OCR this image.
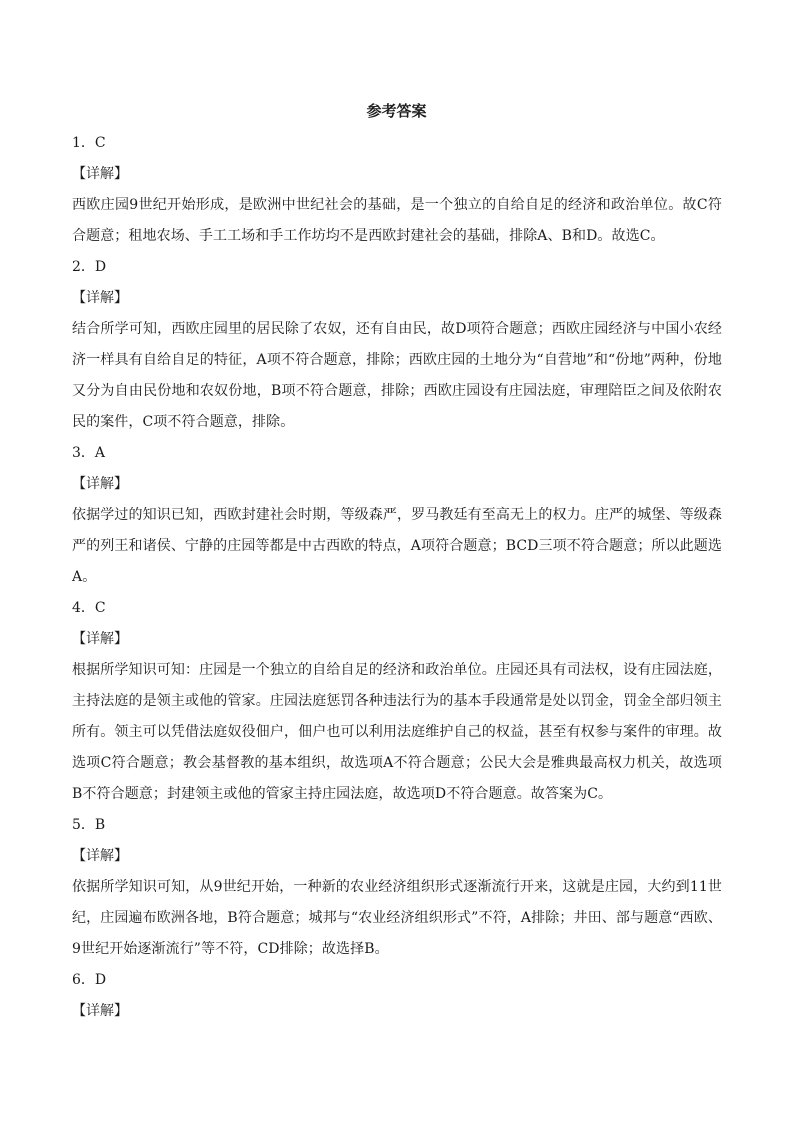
参考答案
1．C
【详解】
西欧庄园9世纪开始形成，是欧洲中世纪社会的基础，是一个独立的自给自足的经济和政治单位。故C符合题意；租地农场、手工工场和手工作坊均不是西欧封建社会的基础，排除A、B和D。故选C。
2．D
【详解】
结合所学可知，西欧庄园里的居民除了农奴，还有自由民，故D项符合题意；西欧庄园经济与中国小农经济一样具有自给自足的特征，A项不符合题意，排除；西欧庄园的土地分为“自营地”和“份地”两种，份地又分为自由民份地和农奴份地，B项不符合题意，排除；西欧庄园设有庄园法庭，审理陪臣之间及依附农民的案件，C项不符合题意，排除。
3．A
【详解】
依据学过的知识已知，西欧封建社会时期，等级森严，罗马教廷有至高无上的权力。庄严的城堡、等级森严的列王和诸侯、宁静的庄园等都是中古西欧的特点，A项符合题意；BCD三项不符合题意；所以此题选A。
4．C
【详解】
根据所学知识可知：庄园是一个独立的自给自足的经济和政治单位。庄园还具有司法权，设有庄园法庭，主持法庭的是领主或他的管家。庄园法庭惩罚各种违法行为的基本手段通常是处以罚金，罚金全部归领主所有。领主可以凭借法庭奴役佃户，佃户也可以利用法庭维护自己的权益，甚至有权参与案件的审理。故选项C符合题意；教会基督教的基本组织，故选项A不符合题意；公民大会是雅典最高权力机关，故选项B不符合题意；封建领主或他的管家主持庄园法庭，故选项D不符合题意。故答案为C。
5．B
【详解】
依据所学知识可知，从9世纪开始，一种新的农业经济组织形式逐渐流行开来，这就是庄园，大约到11世纪，庄园遍布欧洲各地，B符合题意；城邦与“农业经济组织形式”不符，A排除；井田、部与题意“西欧、9世纪开始逐渐流行”等不符，CD排除；故选择B。
6．D
【详解】
